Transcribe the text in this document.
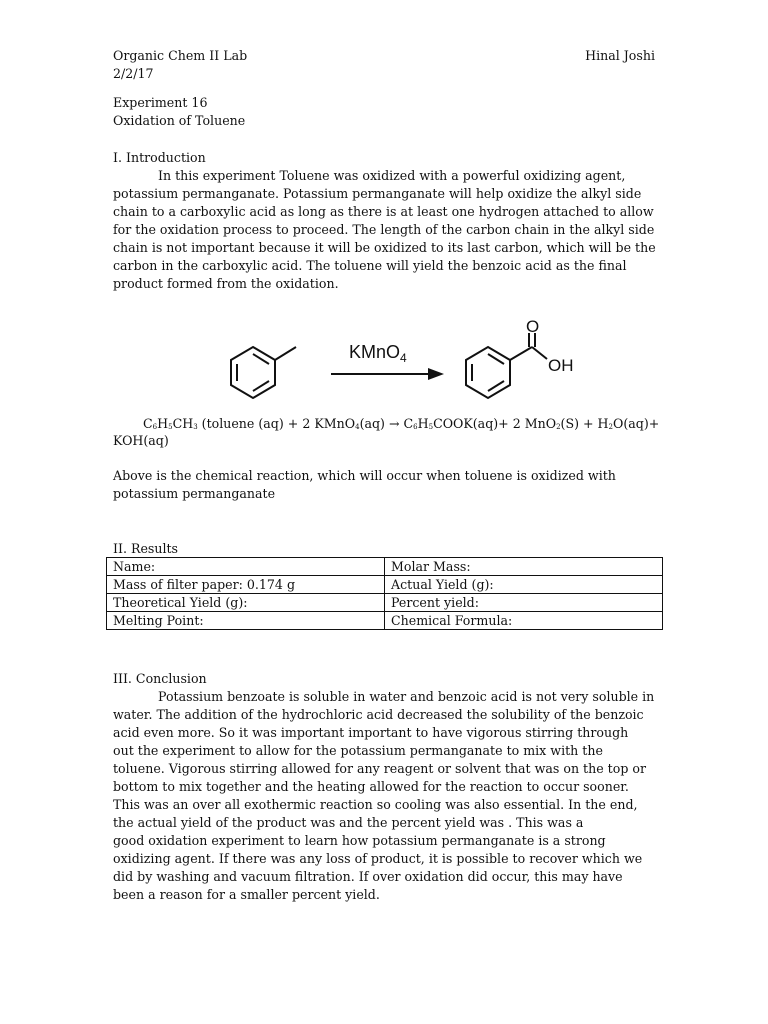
Organic Chem II Lab	Hinal Joshi

2/2/17

Experiment 16

Oxidation of Toluene

I. Introduction

In this experiment Toluene was oxidized with a powerful oxidizing agent,

potassium permanganate. Potassium permanganate will help oxidize the alkyl side

chain to a carboxylic acid as long as there is at least one hydrogen attached to allow

for the oxidation process to proceed. The length of the carbon chain in the alkyl side

chain is not important because it will be oxidized to its last carbon, which will be the

carbon in the carboxylic acid. The toluene will yield the benzoic acid as the final

product formed from the oxidation.

KMnO$_4$
O
OH
$C_6H_5CH_3$ (toluene (aq) + 2 KMnO$_4$(aq) → $C_6H_5COOK(aq)+ 2$ $MnO_2(S) + H_2O(aq)+$
KOH(aq)

Above is the chemical reaction, which will occur when toluene is oxidized with

potassium permanganate

II. Results

Name:	Molar Mass:
Mass of filter paper: 0.174 g	Actual Yield (g):
Theoretical Yield (g):	Percent yield:
Melting Point:	Chemical Formula:

III. Conclusion

Potassium benzoate is soluble in water and benzoic acid is not very soluble in

water. The addition of the hydrochloric acid decreased the solubility of the benzoic

acid even more. So it was important important to have vigorous stirring through

out the experiment to allow for the potassium permanganate to mix with the

toluene. Vigorous stirring allowed for any reagent or solvent that was on the top or

bottom to mix together and the heating allowed for the reaction to occur sooner.

This was an over all exothermic reaction so cooling was also essential. In the end,

the actual yield of the product was and the percent yield was . This was a

good oxidation experiment to learn how potassium permanganate is a strong

oxidizing agent. If there was any loss of product, it is possible to recover which we

did by washing and vacuum filtration. If over oxidation did occur, this may have

been a reason for a smaller percent yield.
